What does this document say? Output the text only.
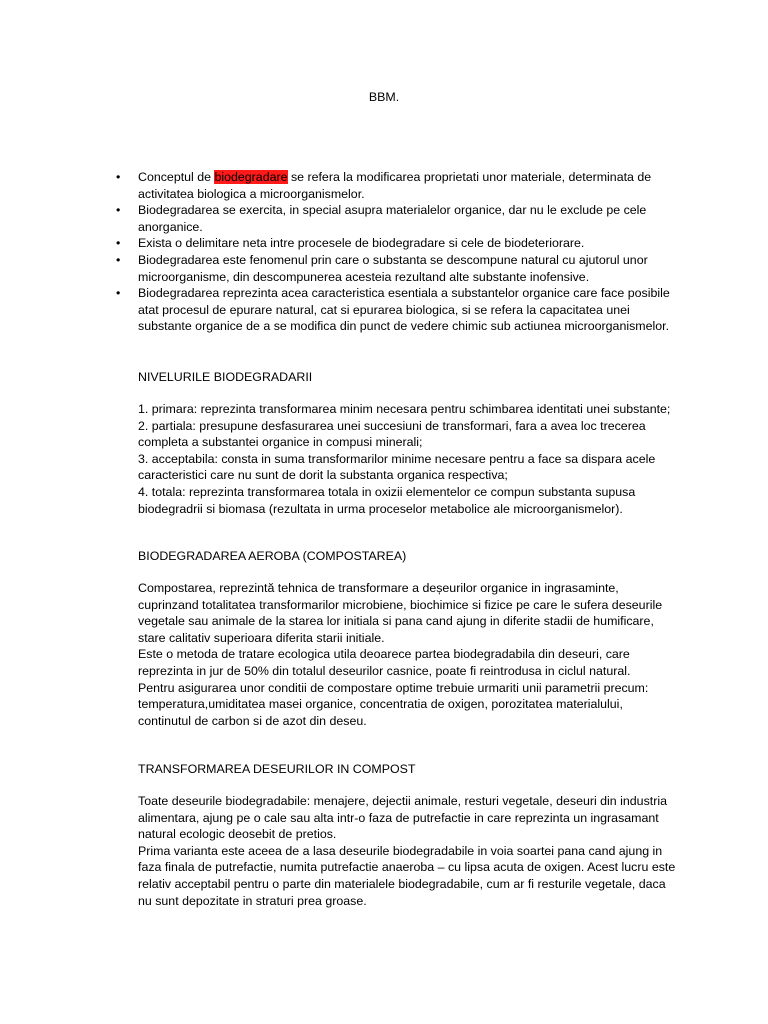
BBM.
• Conceptul de biodegradare se refera la modificarea proprietati unor materiale, determinata de activitatea biologica a microorganismelor.
• Biodegradarea se exercita, in special asupra materialelor organice, dar nu le exclude pe cele anorganice.
• Exista o delimitare neta intre procesele de biodegradare si cele de biodeteriorare.
• Biodegradarea este fenomenul prin care o substanta se descompune natural cu ajutorul unor microorganisme, din descompunerea acesteia rezultand alte substante inofensive.
• Biodegradarea reprezinta acea caracteristica esentiala a substantelor organice care face posibile atat procesul de epurare natural, cat si epurarea biologica, si se refera la capacitatea unei substante organice de a se modifica din punct de vedere chimic sub actiunea microorganismelor.
NIVELURILE BIODEGRADARII

1. primara: reprezinta transformarea minim necesara pentru schimbarea identitati unei substante;

2. partiala: presupune desfasurarea unei succesiuni de transformari, fara a avea loc trecerea completa a substantei organice in compusi minerali;

3. acceptabila: consta in suma transformarilor minime necesare pentru a face sa dispara acele caracteristici care nu sunt de dorit la substanta organica respectiva;

4. totala: reprezinta transformarea totala in oxizii elementelor ce compun substanta supusa biodegradrii si biomasa (rezultata in urma proceselor metabolice ale microorganismelor).

BIODEGRADAREA AEROBA (COMPOSTAREA)

Compostarea, reprezintă tehnica de transformare a deșeurilor organice in ingrasaminte, cuprinzand totalitatea transformarilor microbiene, biochimice si fizice pe care le sufera deseurile vegetale sau animale de la starea lor initiala si pana cand ajung in diferite stadii de humificare, stare calitativ superioara diferita starii initiale.

Este o metoda de tratare ecologica utila deoarece partea biodegradabila din deseuri, care reprezinta in jur de 50% din totalul deseurilor casnice, poate fi reintrodusa in ciclul natural.

Pentru asigurarea unor conditii de compostare optime trebuie urmariti unii parametrii precum: temperatura,umiditatea masei organice, concentratia de oxigen, porozitatea materialului, continutul de carbon si de azot din deseu.

TRANSFORMAREA DESEURILOR IN COMPOST

Toate deseurile biodegradabile: menajere, dejectii animale, resturi vegetale, deseuri din industria alimentara, ajung pe o cale sau alta intr-o faza de putrefactie in care reprezinta un ingrasamant natural ecologic deosebit de pretios.

Prima varianta este aceea de a lasa deseurile biodegradabile in voia soartei pana cand ajung in faza finala de putrefactie, numita putrefactie anaeroba – cu lipsa acuta de oxigen. Acest lucru este relativ acceptabil pentru o parte din materialele biodegradabile, cum ar fi resturile vegetale, daca nu sunt depozitate in straturi prea groase.
